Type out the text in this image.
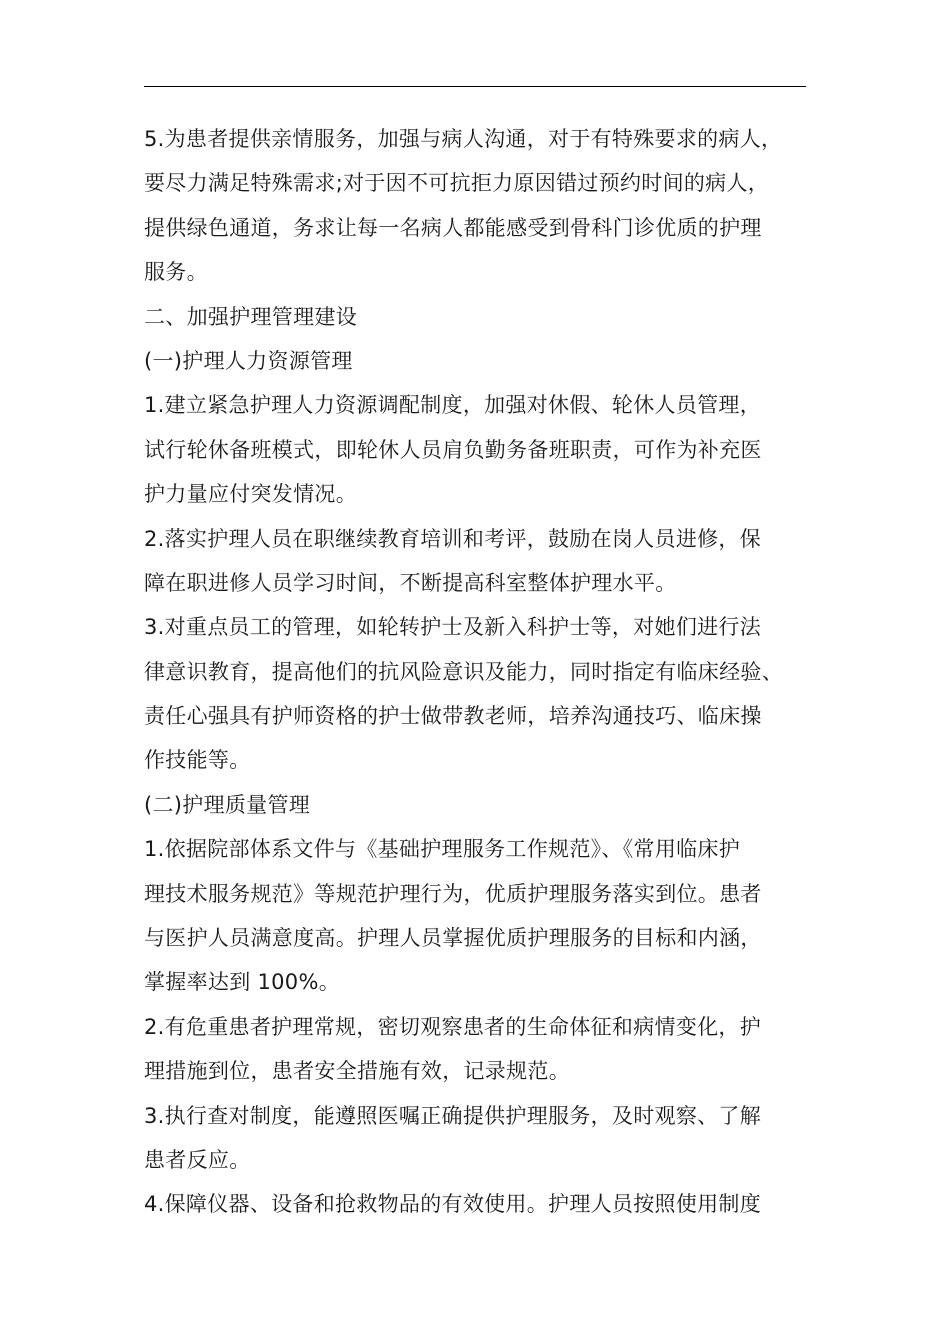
5.为患者提供亲情服务，加强与病人沟通，对于有特殊要求的病人，
要尽力满足特殊需求;对于因不可抗拒力原因错过预约时间的病人，
提供绿色通道，务求让每一名病人都能感受到骨科门诊优质的护理
服务。
二、加强护理管理建设
(一)护理人力资源管理
1.建立紧急护理人力资源调配制度，加强对休假、轮休人员管理，
试行轮休备班模式，即轮休人员肩负勤务备班职责，可作为补充医
护力量应付突发情况。
2.落实护理人员在职继续教育培训和考评，鼓励在岗人员进修，保
障在职进修人员学习时间，不断提高科室整体护理水平。
3.对重点员工的管理，如轮转护士及新入科护士等，对她们进行法
律意识教育，提高他们的抗风险意识及能力，同时指定有临床经验、
责任心强具有护师资格的护士做带教老师，培养沟通技巧、临床操
作技能等。
(二)护理质量管理
1.依据院部体系文件与《基础护理服务工作规范》、《常用临床护
理技术服务规范》等规范护理行为，优质护理服务落实到位。患者
与医护人员满意度高。护理人员掌握优质护理服务的目标和内涵，
掌握率达到 100%。
2.有危重患者护理常规，密切观察患者的生命体征和病情变化，护
理措施到位，患者安全措施有效，记录规范。
3.执行查对制度，能遵照医嘱正确提供护理服务，及时观察、了解
患者反应。
4.保障仪器、设备和抢救物品的有效使用。护理人员按照使用制度
